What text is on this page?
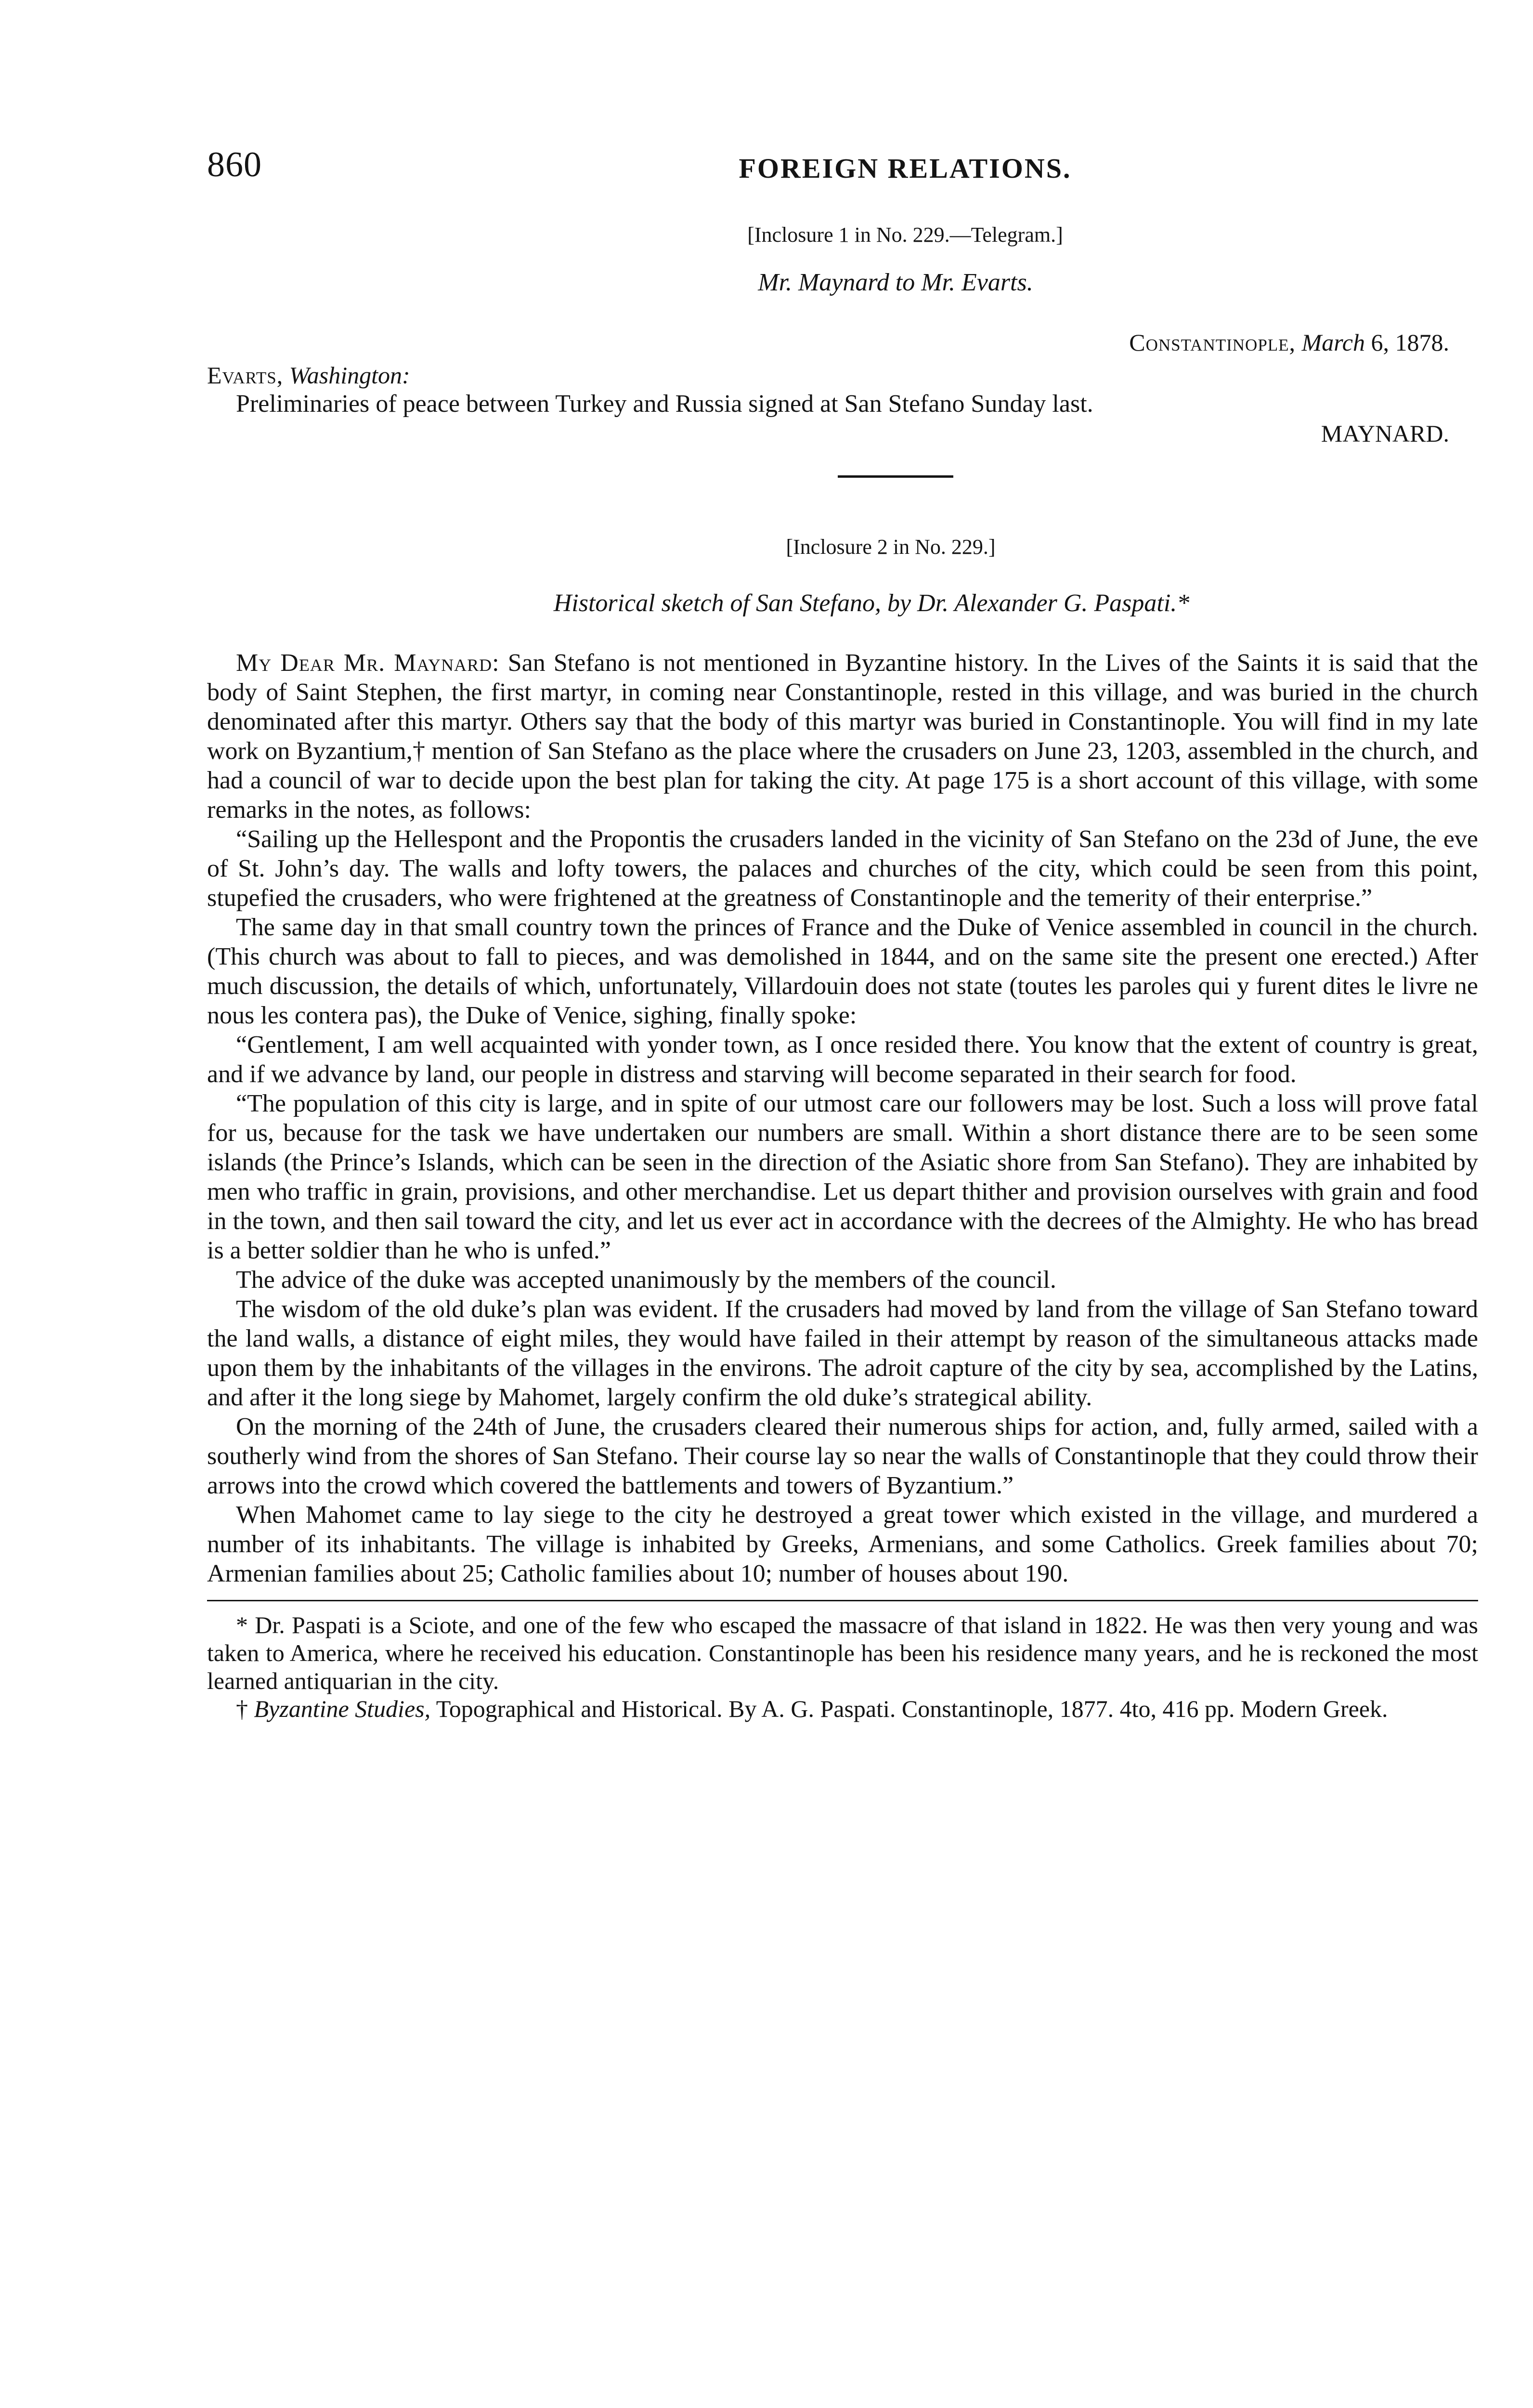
860	FOREIGN RELATIONS.
[Inclosure 1 in No. 229.—Telegram.]
Mr. Maynard to Mr. Evarts.
Constantinople, March 6, 1878.
Evarts, Washington:

Preliminaries of peace between Turkey and Russia signed at San Stefano Sunday last.

MAYNARD.
[Inclosure 2 in No. 229.]
Historical sketch of San Stefano, by Dr. Alexander G. Paspati.*

My Dear Mr. Maynard: San Stefano is not mentioned in Byzantine history. In the Lives of the Saints it is said that the body of Saint Stephen, the first martyr, in coming near Constantinople, rested in this village, and was buried in the church denominated after this martyr. Others say that the body of this martyr was buried in Constantinople. You will find in my late work on Byzantium,† mention of San Stefano as the place where the crusaders on June 23, 1203, assembled in the church, and had a council of war to decide upon the best plan for taking the city. At page 175 is a short account of this village, with some remarks in the notes, as follows:

“Sailing up the Hellespont and the Propontis the crusaders landed in the vicinity of San Stefano on the 23d of June, the eve of St. John’s day. The walls and lofty towers, the palaces and churches of the city, which could be seen from this point, stupefied the crusaders, who were frightened at the greatness of Constantinople and the temerity of their enterprise.”

The same day in that small country town the princes of France and the Duke of Venice assembled in council in the church. (This church was about to fall to pieces, and was demolished in 1844, and on the same site the present one erected.) After much discussion, the details of which, unfortunately, Villardouin does not state (toutes les paroles qui y furent dites le livre ne nous les contera pas), the Duke of Venice, sighing, finally spoke:

“Gentlement, I am well acquainted with yonder town, as I once resided there. You know that the extent of country is great, and if we advance by land, our people in distress and starving will become separated in their search for food.

“The population of this city is large, and in spite of our utmost care our followers may be lost. Such a loss will prove fatal for us, because for the task we have undertaken our numbers are small. Within a short distance there are to be seen some islands (the Prince’s Islands, which can be seen in the direction of the Asiatic shore from San Stefano). They are inhabited by men who traffic in grain, provisions, and other merchandise. Let us depart thither and provision ourselves with grain and food in the town, and then sail toward the city, and let us ever act in accordance with the decrees of the Almighty. He who has bread is a better soldier than he who is unfed.”

The advice of the duke was accepted unanimously by the members of the council.

The wisdom of the old duke’s plan was evident. If the crusaders had moved by land from the village of San Stefano toward the land walls, a distance of eight miles, they would have failed in their attempt by reason of the simultaneous attacks made upon them by the inhabitants of the villages in the environs. The adroit capture of the city by sea, accomplished by the Latins, and after it the long siege by Mahomet, largely confirm the old duke’s strategical ability.

On the morning of the 24th of June, the crusaders cleared their numerous ships for action, and, fully armed, sailed with a southerly wind from the shores of San Stefano. Their course lay so near the walls of Constantinople that they could throw their arrows into the crowd which covered the battlements and towers of Byzantium.”

When Mahomet came to lay siege to the city he destroyed a great tower which existed in the village, and murdered a number of its inhabitants. The village is inhabited by Greeks, Armenians, and some Catholics. Greek families about 70; Armenian families about 25; Catholic families about 10; number of houses about 190.

* Dr. Paspati is a Sciote, and one of the few who escaped the massacre of that island in 1822. He was then very young and was taken to America, where he received his education. Constantinople has been his residence many years, and he is reckoned the most learned antiquarian in the city.

† Byzantine Studies, Topographical and Historical. By A. G. Paspati. Constantinople, 1877. 4to, 416 pp. Modern Greek.
